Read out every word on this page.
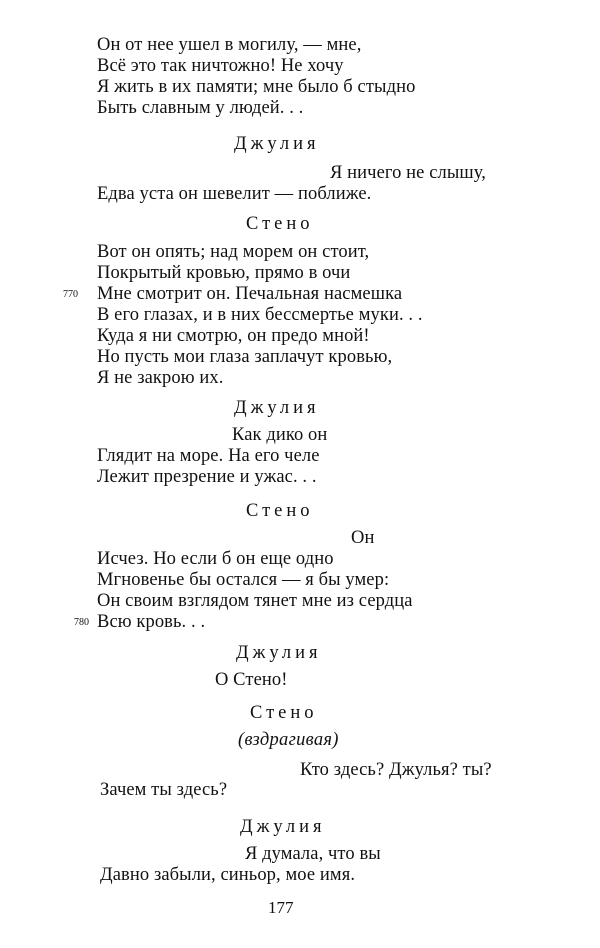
Он от нее ушел в могилу, — мне,
Всё это так ничтожно! Не хочу
Я жить в их памяти; мне было б стыдно
Быть славным у людей. . .
Джулия
Я ничего не слышу,
Едва уста он шевелит — поближе.
Стено
Вот он опять; над морем он стоит,
Покрытый кровью, прямо в очи
770 Мне смотрит он. Печальная насмешка
В его глазах, и в них бессмертье муки. . .
Куда я ни смотрю, он предо мной!
Но пусть мои глаза заплачут кровью,
Я не закрою их.
Джулия
Как дико он
Глядит на море. На его челе
Лежит презрение и ужас. . .
Стено
Он
Исчез. Но если б он еще одно
Мгновенье бы остался — я бы умер:
Он своим взглядом тянет мне из сердца
780 Всю кровь. . .
Джулия
О Стено!
Стено
(вздрагивая)
Кто здесь? Джулья? ты?
Зачем ты здесь?
Джулия
Я думала, что вы
Давно забыли, синьор, мое имя.
177
